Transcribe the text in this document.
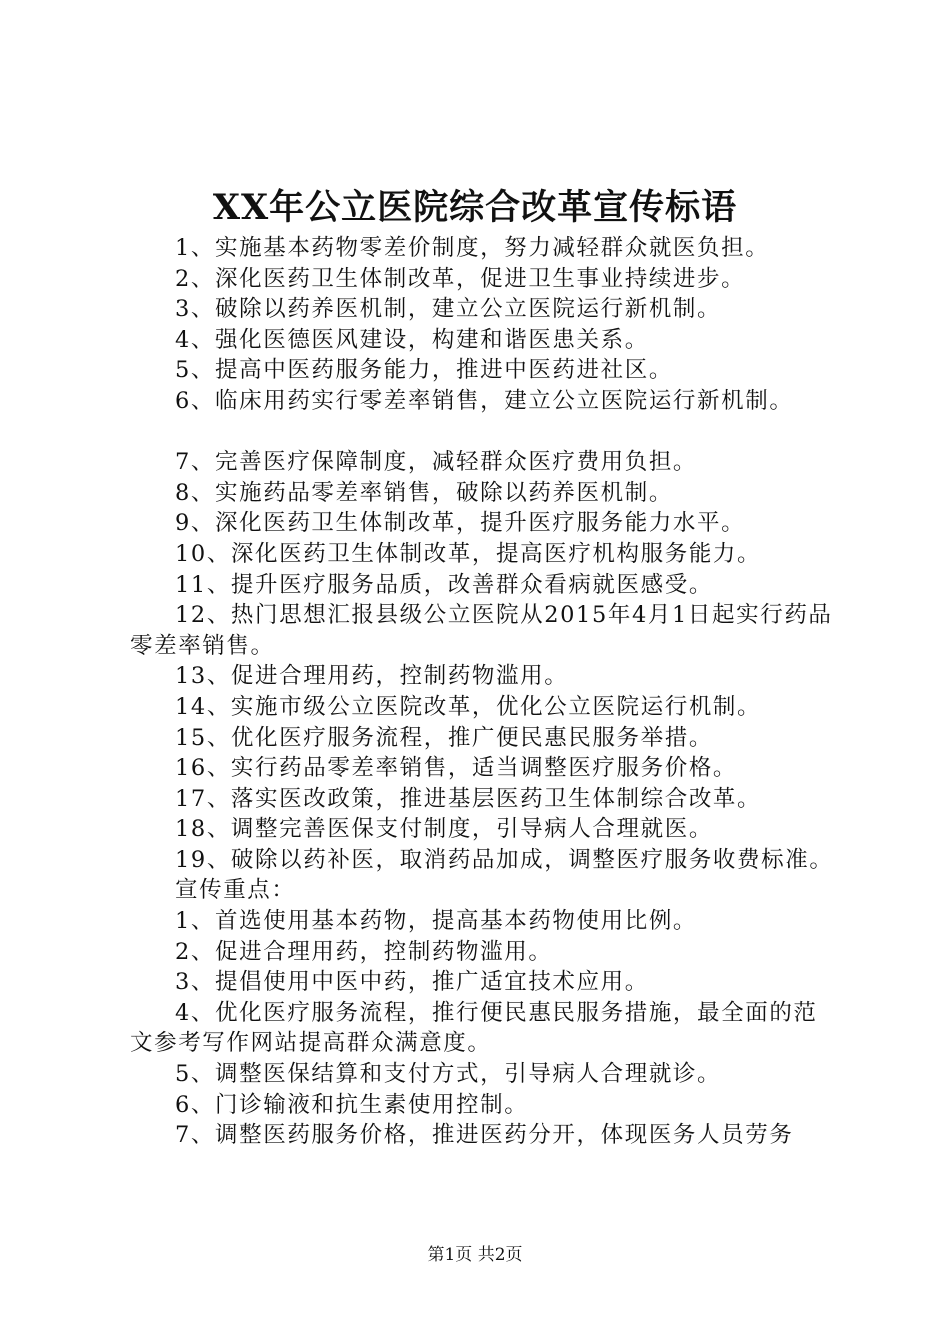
XX年公立医院综合改革宣传标语

1、实施基本药物零差价制度，努力减轻群众就医负担。

2、深化医药卫生体制改革，促进卫生事业持续进步。

3、破除以药养医机制，建立公立医院运行新机制。

4、强化医德医风建设，构建和谐医患关系。

5、提高中医药服务能力，推进中医药进社区。

6、临床用药实行零差率销售，建立公立医院运行新机制。

7、完善医疗保障制度，减轻群众医疗费用负担。

8、实施药品零差率销售，破除以药养医机制。

9、深化医药卫生体制改革，提升医疗服务能力水平。

10、深化医药卫生体制改革，提高医疗机构服务能力。

11、提升医疗服务品质，改善群众看病就医感受。

12、热门思想汇报县级公立医院从2015年4月1日起实行药品零差率销售。

13、促进合理用药，控制药物滥用。

14、实施市级公立医院改革，优化公立医院运行机制。

15、优化医疗服务流程，推广便民惠民服务举措。

16、实行药品零差率销售，适当调整医疗服务价格。

17、落实医改政策，推进基层医药卫生体制综合改革。

18、调整完善医保支付制度，引导病人合理就医。

19、破除以药补医，取消药品加成，调整医疗服务收费标准。

宣传重点：

1、首选使用基本药物，提高基本药物使用比例。

2、促进合理用药，控制药物滥用。

3、提倡使用中医中药，推广适宜技术应用。

4、优化医疗服务流程，推行便民惠民服务措施，最全面的范文参考写作网站提高群众满意度。

5、调整医保结算和支付方式，引导病人合理就诊。

6、门诊输液和抗生素使用控制。

7、调整医药服务价格，推进医药分开，体现医务人员劳务

第1页 共2页
